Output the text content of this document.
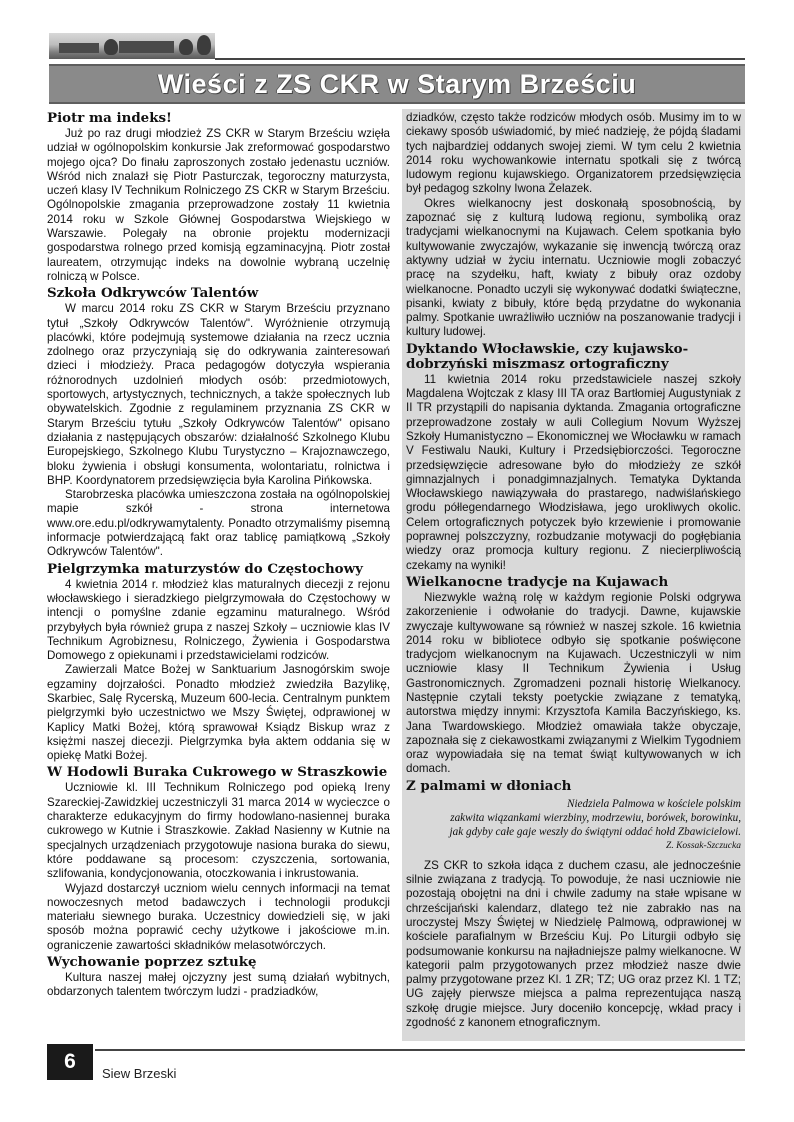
Wieści z ZS CKR w Starym Brześciu
Piotr ma indeks!

Już po raz drugi młodzież ZS CKR w Starym Brześciu wzięła udział w ogólnopolskim konkursie Jak zreformować gospodarstwo mojego ojca? Do finału zaproszonych zostało jedenastu uczniów. Wśród nich znalazł się Piotr Pasturczak, tegoroczny maturzysta, uczeń klasy IV Technikum Rolniczego ZS CKR w Starym Brześciu. Ogólnopolskie zmagania przeprowadzone zostały 11 kwietnia 2014 roku w Szkole Głównej Gospodarstwa Wiejskiego w Warszawie. Polegały na obronie projektu modernizacji gospodarstwa rolnego przed komisją egzaminacyjną. Piotr został laureatem, otrzymując indeks na dowolnie wybraną uczelnię rolniczą w Polsce.

Szkoła Odkrywców Talentów

W marcu 2014 roku ZS CKR w Starym Brześciu przyznano tytuł „Szkoły Odkrywców Talentów". Wyróżnienie otrzymują placówki, które podejmują systemowe działania na rzecz ucznia zdolnego oraz przyczyniają się do odkrywania zainteresowań dzieci i młodzieży. Praca pedagogów dotyczyła wspierania różnorodnych uzdolnień młodych osób: przedmiotowych, sportowych, artystycznych, technicznych, a także społecznych lub obywatelskich. Zgodnie z regulaminem przyznania ZS CKR w Starym Brześciu tytułu „Szkoły Odkrywców Talentów" opisano działania z następujących obszarów: działalność Szkolnego Klubu Europejskiego, Szkolnego Klubu Turystyczno – Krajoznawczego, bloku żywienia i obsługi konsumenta, wolontariatu, rolnictwa i BHP. Koordynatorem przedsięwzięcia była Karolina Pińkowska.

Starobrzeska placówka umieszczona została na ogólnopolskiej mapie szkół - strona internetowa www.ore.edu.pl/odkrywamytalenty. Ponadto otrzymaliśmy pisemną informacje potwierdzającą fakt oraz tablicę pamiątkową „Szkoły Odkrywców Talentów".

Pielgrzymka maturzystów do Częstochowy

4 kwietnia 2014 r. młodzież klas maturalnych diecezji z rejonu włocławskiego i sieradzkiego pielgrzymowała do Częstochowy w intencji o pomyślne zdanie egzaminu maturalnego. Wśród przybyłych była również grupa z naszej Szkoły – uczniowie klas IV Technikum Agrobiznesu, Rolniczego, Żywienia i Gospodarstwa Domowego z opiekunami i przedstawicielami rodziców.

Zawierzali Matce Bożej w Sanktuarium Jasnogórskim swoje egzaminy dojrzałości. Ponadto młodzież zwiedziła Bazylikę, Skarbiec, Salę Rycerską, Muzeum 600-lecia. Centralnym punktem pielgrzymki było uczestnictwo we Mszy Świętej, odprawionej w Kaplicy Matki Bożej, którą sprawował Ksiądz Biskup wraz z księżmi naszej diecezji. Pielgrzymka była aktem oddania się w opiekę Matki Bożej.

W Hodowli Buraka Cukrowego w Straszkowie

Uczniowie kl. III Technikum Rolniczego pod opieką Ireny Szareckiej-Zawidzkiej uczestniczyli 31 marca 2014 w wycieczce o charakterze edukacyjnym do firmy hodowlano-nasiennej buraka cukrowego w Kutnie i Straszkowie. Zakład Nasienny w Kutnie na specjalnych urządzeniach przygotowuje nasiona buraka do siewu, które poddawane są procesom: czyszczenia, sortowania, szlifowania, kondycjonowania, otoczkowania i inkrustowania.

Wyjazd dostarczył uczniom wielu cennych informacji na temat nowoczesnych metod badawczych i technologii produkcji materiału siewnego buraka. Uczestnicy dowiedzieli się, w jaki sposób można poprawić cechy użytkowe i jakościowe m.in. ograniczenie zawartości składników melasotwórczych.

Wychowanie poprzez sztukę

Kultura naszej małej ojczyzny jest sumą działań wybitnych, obdarzonych talentem twórczym ludzi - pradziadków,

dziadków, często także rodziców młodych osób. Musimy im to w ciekawy sposób uświadomić, by mieć nadzieję, że pójdą śladami tych najbardziej oddanych swojej ziemi. W tym celu 2 kwietnia 2014 roku wychowankowie internatu spotkali się z twórcą ludowym regionu kujawskiego. Organizatorem przedsięwzięcia był pedagog szkolny Iwona Żelazek.

Okres wielkanocny jest doskonałą sposobnością, by zapoznać się z kulturą ludową regionu, symboliką oraz tradycjami wielkanocnymi na Kujawach. Celem spotkania było kultywowanie zwyczajów, wykazanie się inwencją twórczą oraz aktywny udział w życiu internatu. Uczniowie mogli zobaczyć pracę na szydełku, haft, kwiaty z bibuły oraz ozdoby wielkanocne. Ponadto uczyli się wykonywać dodatki świąteczne, pisanki, kwiaty z bibuły, które będą przydatne do wykonania palmy. Spotkanie uwrażliwiło uczniów na poszanowanie tradycji i kultury ludowej.

Dyktando Włocławskie, czy kujawsko-dobrzyński miszmasz ortograficzny

11 kwietnia 2014 roku przedstawiciele naszej szkoły Magdalena Wojtczak z klasy III TA oraz Bartłomiej Augustyniak z II TR przystąpili do napisania dyktanda. Zmagania ortograficzne przeprowadzone zostały w auli Collegium Novum Wyższej Szkoły Humanistyczno – Ekonomicznej we Włocławku w ramach V Festiwalu Nauki, Kultury i Przedsiębiorczości. Tegoroczne przedsięwzięcie adresowane było do młodzieży ze szkół gimnazjalnych i ponadgimnazjalnych. Tematyka Dyktanda Włocławskiego nawiązywała do prastarego, nadwiślańskiego grodu półlegendarnego Włodzisława, jego urokliwych okolic. Celem ortograficznych potyczek było krzewienie i promowanie poprawnej polszczyzny, rozbudzanie motywacji do pogłębiania wiedzy oraz promocja kultury regionu. Z niecierpliwością czekamy na wyniki!

Wielkanocne tradycje na Kujawach

Niezwykle ważną rolę w każdym regionie Polski odgrywa zakorzenienie i odwołanie do tradycji. Dawne, kujawskie zwyczaje kultywowane są również w naszej szkole. 16 kwietnia 2014 roku w bibliotece odbyło się spotkanie poświęcone tradycjom wielkanocnym na Kujawach. Uczestniczyli w nim uczniowie klasy II Technikum Żywienia i Usług Gastronomicznych. Zgromadzeni poznali historię Wielkanocy. Następnie czytali teksty poetyckie związane z tematyką, autorstwa między innymi: Krzysztofa Kamila Baczyńskiego, ks. Jana Twardowskiego. Młodzież omawiała także obyczaje, zapoznała się z ciekawostkami związanymi z Wielkim Tygodniem oraz wypowiadała się na temat świąt kultywowanych w ich domach.

Z palmami w dłoniach
Niedziela Palmowa w kościele polskim
zakwita wiązankami wierzbiny, modrzewiu, borówek, borowinku,
jak gdyby całe gaje weszły do świątyni oddać hołd Zbawicielowi.
Z. Kossak-Szczucka

ZS CKR to szkoła idąca z duchem czasu, ale jednocześnie silnie związana z tradycją. To powoduje, że nasi uczniowie nie pozostają obojętni na dni i chwile zadumy na stałe wpisane w chrześcijański kalendarz, dlatego też nie zabrakło nas na uroczystej Mszy Świętej w Niedzielę Palmową, odprawionej w kościele parafialnym w Brześciu Kuj. Po Liturgii odbyło się podsumowanie konkursu na najładniejsze palmy wielkanocne. W kategorii palm przygotowanych przez młodzież nasze dwie palmy przygotowane przez Kl. 1 ZR; TZ; UG oraz przez Kl. 1 TZ; UG zajęły pierwsze miejsca a palma reprezentująca naszą szkołę drugie miejsce. Jury doceniło koncepcję, wkład pracy i zgodność z kanonem etnograficznym.

6
Siew Brzeski
